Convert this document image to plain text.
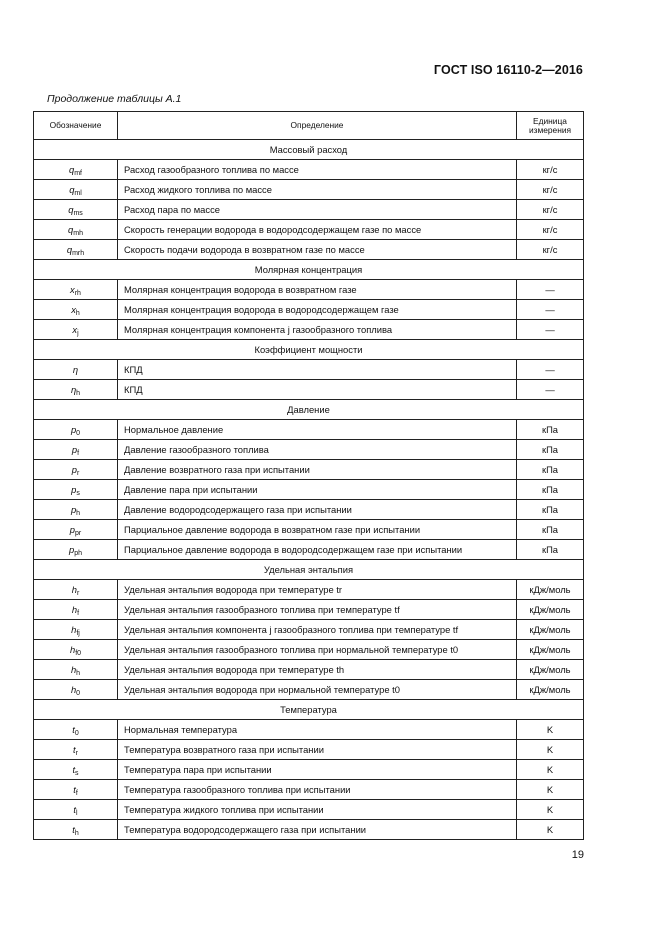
ГОСТ ISO 16110-2—2016
Продолжение таблицы А.1
Обозначение	Определение	Единица измерения
Массовый расход		
$q_{mf}$	Расход газообразного топлива по массе	кг/с
$q_{ml}$	Расход жидкого топлива по массе	кг/с
$q_{ms}$	Расход пара по массе	кг/с
$q_{mh}$	Скорость генерации водорода в водородсодержащем газе по массе	кг/с
$q_{mrh}$	Скорость подачи водорода в возвратном газе по массе	кг/с
Молярная концентрация		
$x_{rh}$	Молярная концентрация водорода в возвратном газе	—
$x_h$	Молярная концентрация водорода в водородсодержащем газе	—
$x_j$	Молярная концентрация компонента j газообразного топлива	—
Коэффициент мощности		
η	КПД	—
$\eta_h$	КПД	—
Давление		
$p_0$	Нормальное давление	кПа
$p_f$	Давление газообразного топлива	кПа
$p_r$	Давление возвратного газа при испытании	кПа
$p_s$	Давление пара при испытании	кПа
$p_h$	Давление водородсодержащего газа при испытании	кПа
$p_{pr}$	Парциальное давление водорода в возвратном газе при испытании	кПа
$p_{ph}$	Парциальное давление водорода в водородсодержащем газе при испытании	кПа
Удельная энтальпия		
$h_r$	Удельная энтальпия водорода при температуре tr	кДж/моль
$h_f$	Удельная энтальпия газообразного топлива при температуре tf	кДж/моль
$h_{fj}$	Удельная энтальпия компонента j газообразного топлива при температуре tf	кДж/моль
$h_{f0}$	Удельная энтальпия газообразного топлива при нормальной температуре t0	кДж/моль
$h_h$	Удельная энтальпия водорода при температуре th	кДж/моль
$h_0$	Удельная энтальпия водорода при нормальной температуре t0	кДж/моль
Температура		
$t_0$	Нормальная температура	K
$t_r$	Температура возвратного газа при испытании	K
$t_s$	Температура пара при испытании	K
$t_f$	Температура газообразного топлива при испытании	K
$t_l$	Температура жидкого топлива при испытании	K
$t_h$	Температура водородсодержащего газа при испытании	K
19
